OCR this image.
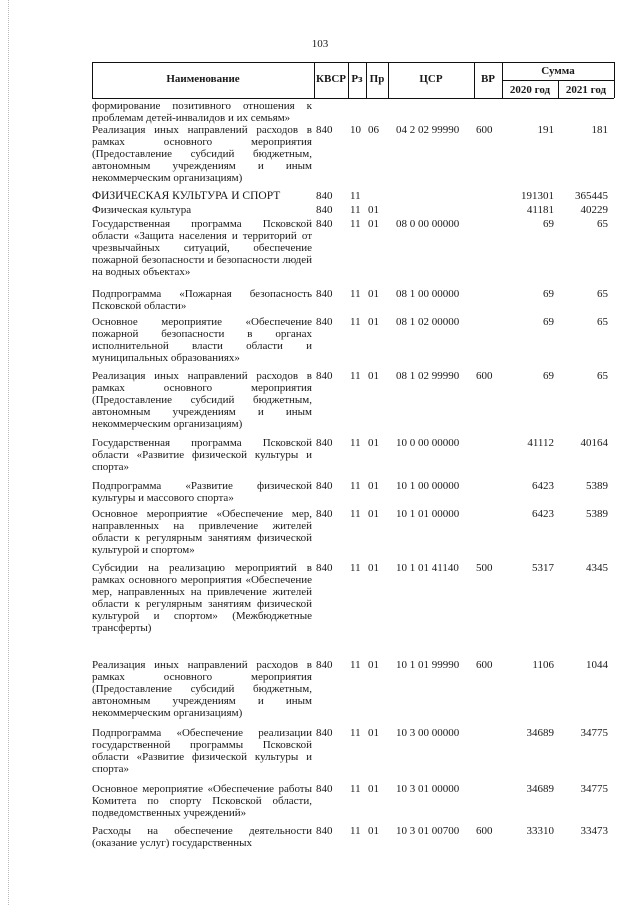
103
Наименование	КВСР Рз Пр	ЦСР	ВР
Сумма
2020 год	2021 год
формирование позитивного отношения к проблемам детей-инвалидов и их семьям»
Реализация иных направлений расходов в рамках основного мероприятия (Предоставление субсидий бюджетным, автономным учреждениям и иным некоммерческим организациям)
840	10 06	04 2 02 99990	600	191	181
ФИЗИЧЕСКАЯ КУЛЬТУРА И СПОРТ	840	11	191301	365445
Физическая культура	840	11 01	41181	40229
Государственная программа Псковской области «Защита населения и территорий от чрезвычайных ситуаций, обеспечение пожарной безопасности и безопасности людей на водных объектах»
840	11 01	08 0 00 00000	69	65
Подпрограмма «Пожарная безопасность Псковской области»
840	11 01	08 1 00 00000	69	65
Основное мероприятие «Обеспечение пожарной безопасности в органах исполнительной власти области и муниципальных образованиях»
840	11 01	08 1 02 00000	69	65
Реализация иных направлений расходов в рамках основного мероприятия (Предоставление субсидий бюджетным, автономным учреждениям и иным некоммерческим организациям)
840	11 01	08 1 02 99990	600	69	65
Государственная программа Псковской области «Развитие физической культуры и спорта»
840	11 01	10 0 00 00000	41112	40164
Подпрограмма «Развитие физической культуры и массового спорта»
840	11 01	10 1 00 00000	6423	5389
Основное мероприятие «Обеспечение мер, направленных на привлечение жителей области к регулярным занятиям физической культурой и спортом»
840	11 01	10 1 01 00000	6423	5389
Субсидии на реализацию мероприятий в рамках основного мероприятия «Обеспечение мер, направленных на привлечение жителей области к регулярным занятиям физической культурой и спортом» (Межбюджетные трансферты)
840	11 01	10 1 01 41140	500	5317	4345
Реализация иных направлений расходов в рамках основного мероприятия (Предоставление субсидий бюджетным, автономным учреждениям и иным некоммерческим организациям)
840	11 01	10 1 01 99990	600	1106	1044
Подпрограмма «Обеспечение реализации государственной программы Псковской области «Развитие физической культуры и спорта»
840	11 01	10 3 00 00000	34689	34775
Основное мероприятие «Обеспечение работы Комитета по спорту Псковской области, подведомственных учреждений»
840	11 01	10 3 01 00000	34689	34775
Расходы на обеспечение деятельности (оказание услуг) государственных
840	11 01	10 3 01 00700	600	33310	33473
